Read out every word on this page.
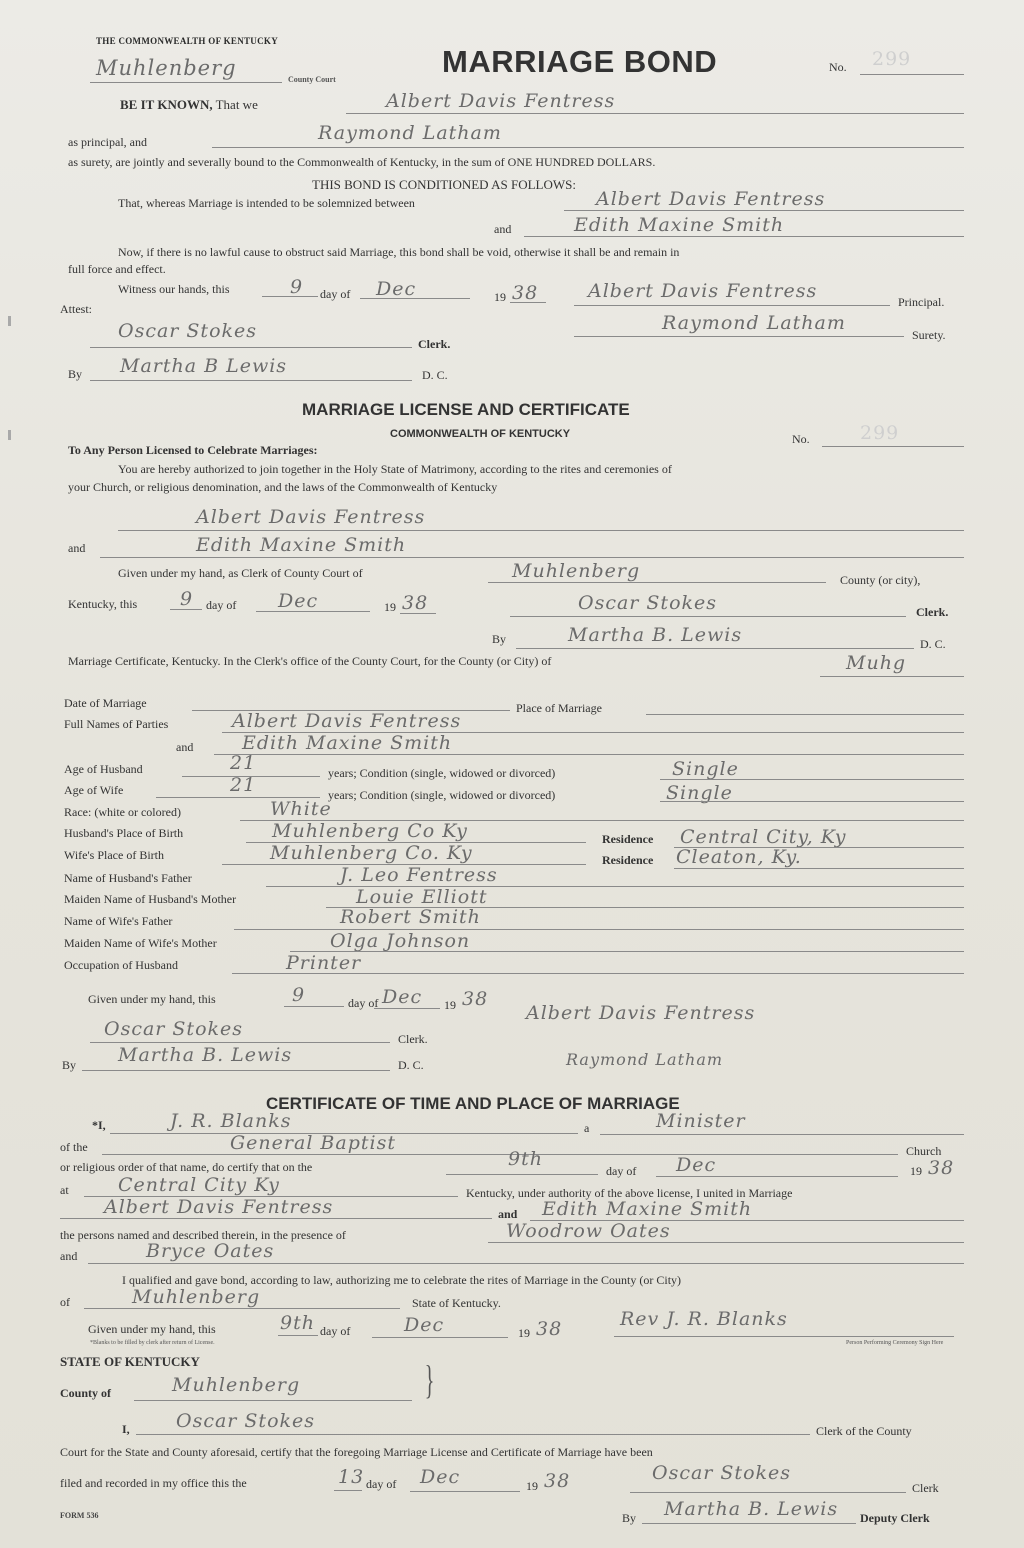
THE COMMONWEALTH OF KENTUCKY
MARRIAGE BOND	No. 299
Muhlenberg	County Court
BE IT KNOWN, That we	Albert Davis Fentress
as principal, and	Raymond Latham
as surety, are jointly and severally bound to the Commonwealth of Kentucky, in the sum of ONE HUNDRED DOLLARS.
THIS BOND IS CONDITIONED AS FOLLOWS:
That, whereas Marriage is intended to be solemnized between	Albert Davis Fentress
and	Edith Maxine Smith
Now, if there is no lawful cause to obstruct said Marriage, this bond shall be void, otherwise it shall be and remain in
full force and effect.
Witness our hands, this	9 day of Dec	19 38	Albert Davis Fentress	Principal.
Attest:
Raymond Latham
Surety.
Oscar Stokes
Clerk.
By Martha B Lewis	D. C.
MARRIAGE LICENSE AND CERTIFICATE
COMMONWEALTH OF KENTUCKY	No.	299
To Any Person Licensed to Celebrate Marriages:
You are hereby authorized to join together in the Holy State of Matrimony, according to the rites and ceremonies of
your Church, or religious denomination, and the laws of the Commonwealth of Kentucky
Albert Davis Fentress
and	Edith Maxine Smith
Given under my hand, as Clerk of County Court of	Muhlenberg	County (or city),
Kentucky, this 9 day of Dec	19 38	Oscar Stokes	Clerk.
By	Martha B. Lewis	D. C.
Marriage Certificate, Kentucky. In the Clerk's office of the County Court, for the County (or City) of	Muhg
Date of Marriage	Place of Marriage
Full Names of Parties	Albert Davis Fentress
and	Edith Maxine Smith
Age of Husband	21	years; Condition (single, widowed or divorced)	Single
Age of Wife	21	years; Condition (single, widowed or divorced)	Single
Race: (white or colored)	White
Husband's Place of Birth	Muhlenberg Co Ky	Residence Central City, Ky
Wife's Place of Birth	Muhlenberg Co. Ky	Residence Cleaton, Ky.
Name of Husband's Father	J. Leo Fentress
Maiden Name of Husband's Mother	Louie Elliott
Name of Wife's Father	Robert Smith
Maiden Name of Wife's Mother	Olga Johnson
Occupation of Husband	Printer
Given under my hand, this	9	day of Dec 19 38
Albert Davis Fentress
Oscar Stokes	Clerk.
By Martha B. Lewis	D. C.	Raymond Latham
CERTIFICATE OF TIME AND PLACE OF MARRIAGE
*I,	J. R. Blanks	a	Minister
of the	General Baptist	Church
or religious order of that name, do certify that on the	9th
day of Dec	19 38
at	Central City Ky	Kentucky, under authority of the above license, I united in Marriage
Albert Davis Fentress	and Edith Maxine Smith
the persons named and described therein, in the presence of	Woodrow Oates
and	Bryce Oates
I qualified and gave bond, according to law, authorizing me to celebrate the rites of Marriage in the County (or City)
of	Muhlenberg	State of Kentucky.
Given under my hand, this	9th day of	Dec	19 38	Rev J. R. Blanks
*Blanks to be filled by clerk after return of License.	Person Performing Ceremony Sign Here
STATE OF KENTUCKY	}
County of	Muhlenberg
I, Oscar Stokes	Clerk of the County
Court for the State and County aforesaid, certify that the foregoing Marriage License and Certificate of Marriage have been
filed and recorded in my office this the	13 day of Dec	19 38	Oscar Stokes
Clerk
FORM 536	By Martha B. Lewis Deputy Clerk
